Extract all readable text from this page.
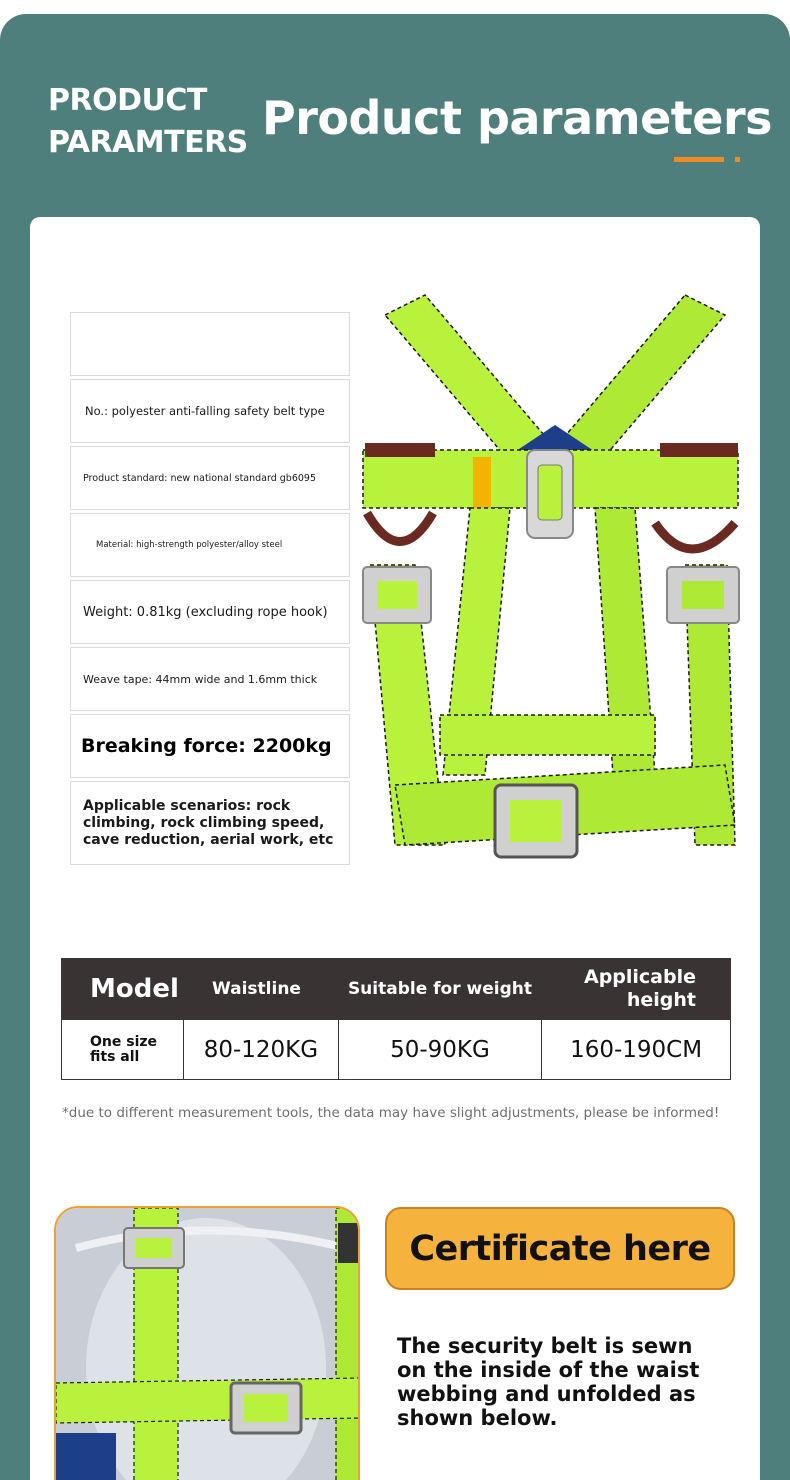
PRODUCT
PARAMTERS Product parameters
No.: polyester anti-falling safety belt type
Product standard: new national standard gb6095
Material: high-strength polyester/alloy steel
Weight: 0.81kg (excluding rope hook)
Weave tape: 44mm wide and 1.6mm thick
Breaking force: 2200kg
Applicable scenarios: rock climbing, rock climbing speed, cave reduction, aerial work, etc
Model	Waistline	Suitable for weight	Applicable height
One size fits all	80-120KG	50-90KG	160-190CM
*due to different measurement tools, the data may have slight adjustments, please be informed!
Certificate here
The security belt is sewn on the inside of the waist webbing and unfolded as shown below.
